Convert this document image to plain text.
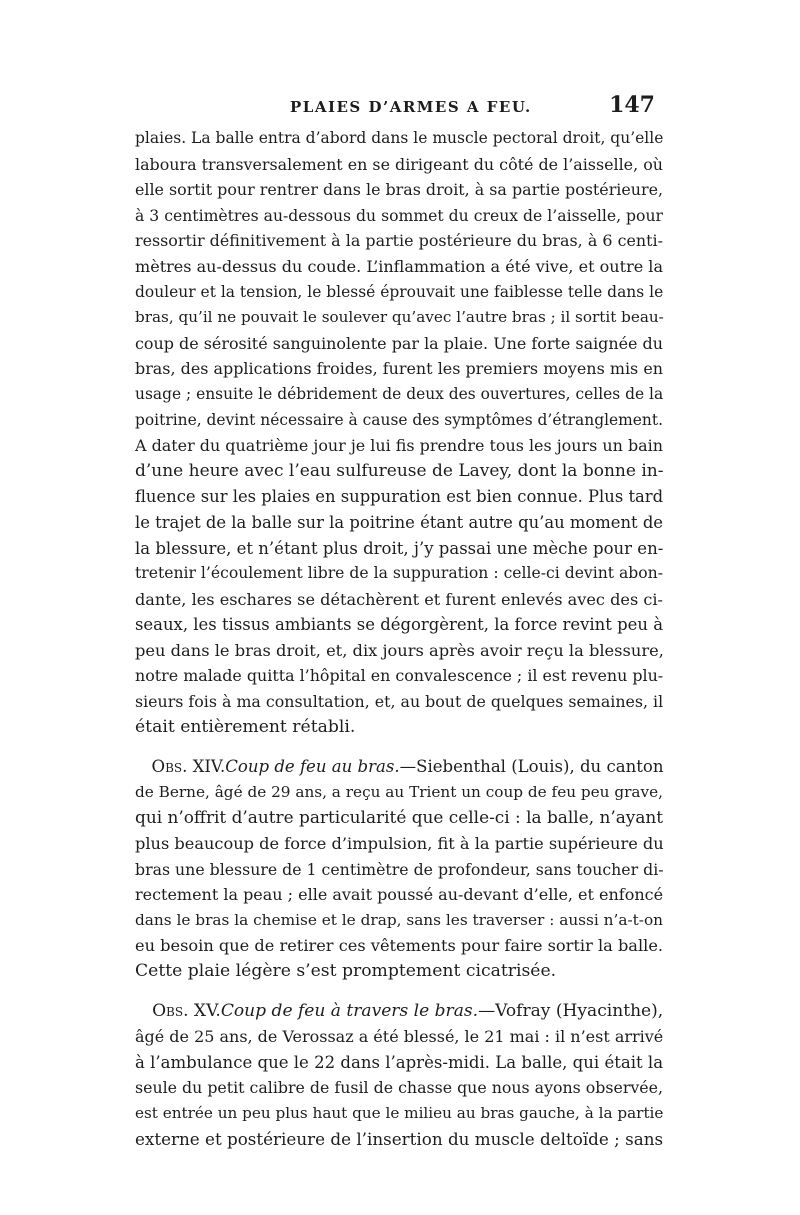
PLAIES D’ARMES A FEU.	147
plaies. La balle entra d’abord dans le muscle pectoral droit, qu’elle
laboura transversalement en se dirigeant du côté de l’aisselle, où
elle sortit pour rentrer dans le bras droit, à sa partie postérieure,
à 3 centimètres au-dessous du sommet du creux de l’aisselle, pour
ressortir définitivement à la partie postérieure du bras, à 6 centi-
mètres au-dessus du coude. L’inflammation a été vive, et outre la
douleur et la tension, le blessé éprouvait une faiblesse telle dans le
bras, qu’il ne pouvait le soulever qu’avec l’autre bras ; il sortit beau-
coup de sérosité sanguinolente par la plaie. Une forte saignée du
bras, des applications froides, furent les premiers moyens mis en
usage ; ensuite le débridement de deux des ouvertures, celles de la
poitrine, devint nécessaire à cause des symptômes d’étranglement.
A dater du quatrième jour je lui fis prendre tous les jours un bain
d’une heure avec l’eau sulfureuse de Lavey, dont la bonne in-
fluence sur les plaies en suppuration est bien connue. Plus tard
le trajet de la balle sur la poitrine étant autre qu’au moment de
la blessure, et n’étant plus droit, j’y passai une mèche pour en-
tretenir l’écoulement libre de la suppuration : celle-ci devint abon-
dante, les eschares se détachèrent et furent enlevés avec des ci-
seaux, les tissus ambiants se dégorgèrent, la force revint peu à
peu dans le bras droit, et, dix jours après avoir reçu la blessure,
notre malade quitta l’hôpital en convalescence ; il est revenu plu-
sieurs fois à ma consultation, et, au bout de quelques semaines, il
était entièrement rétabli.
 Obs. XIV.Coup de feu au bras.—Siebenthal (Louis), du canton
de Berne, âgé de 29 ans, a reçu au Trient un coup de feu peu grave,
qui n’offrit d’autre particularité que celle-ci : la balle, n’ayant
plus beaucoup de force d’impulsion, fit à la partie supérieure du
bras une blessure de 1 centimètre de profondeur, sans toucher di-
rectement la peau ; elle avait poussé au-devant d’elle, et enfoncé
dans le bras la chemise et le drap, sans les traverser : aussi n’a-t-on
eu besoin que de retirer ces vêtements pour faire sortir la balle.
Cette plaie légère s’est promptement cicatrisée.
 Obs. XV.Coup de feu à travers le bras.—Vofray (Hyacinthe),
âgé de 25 ans, de Verossaz a été blessé, le 21 mai : il n’est arrivé
à l’ambulance que le 22 dans l’après-midi. La balle, qui était la
seule du petit calibre de fusil de chasse que nous ayons observée,
est entrée un peu plus haut que le milieu au bras gauche, à la partie
externe et postérieure de l’insertion du muscle deltoïde ; sans
